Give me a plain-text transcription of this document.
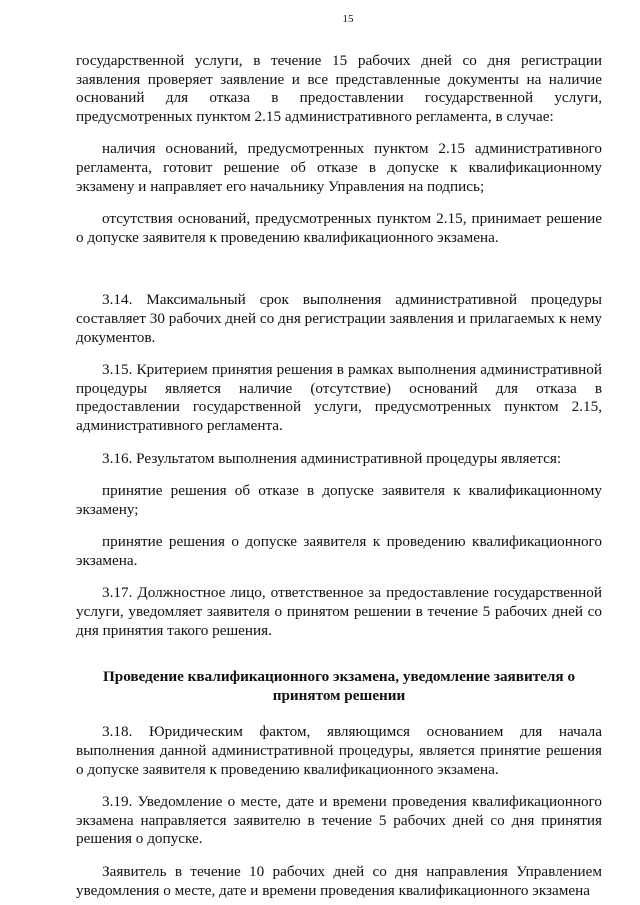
15

государственной услуги, в течение 15 рабочих дней со дня регистрации заявления проверяет заявление и все представленные документы на наличие оснований для отказа в предоставлении государственной услуги, предусмотренных пунктом 2.15 административного регламента, в случае:

наличия оснований, предусмотренных пунктом 2.15 административного регламента, готовит решение об отказе в допуске к квалификационному экзамену и направляет его начальнику Управления на подпись;

отсутствия оснований, предусмотренных пунктом 2.15, принимает решение о допуске заявителя к проведению квалификационного экзамена.

3.14. Максимальный срок выполнения административной процедуры составляет 30 рабочих дней со дня регистрации заявления и прилагаемых к нему документов.

3.15. Критерием принятия решения в рамках выполнения административной процедуры является наличие (отсутствие) оснований для отказа в предоставлении государственной услуги, предусмотренных пунктом 2.15, административного регламента.

3.16. Результатом выполнения административной процедуры является:

принятие решения об отказе в допуске заявителя к квалификационному экзамену;

принятие решения о допуске заявителя к проведению квалификационного экзамена.

3.17. Должностное лицо, ответственное за предоставление государственной услуги, уведомляет заявителя о принятом решении в течение 5 рабочих дней со дня принятия такого решения.

Проведение квалификационного экзамена, уведомление заявителя о принятом решении

3.18. Юридическим фактом, являющимся основанием для начала выполнения данной административной процедуры, является принятие решения о допуске заявителя к проведению квалификационного экзамена.

3.19. Уведомление о месте, дате и времени проведения квалификационного экзамена направляется заявителю в течение 5 рабочих дней со дня принятия решения о допуске.

Заявитель в течение 10 рабочих дней со дня направления Управлением уведомления о месте, дате и времени проведения квалификационного экзамена
